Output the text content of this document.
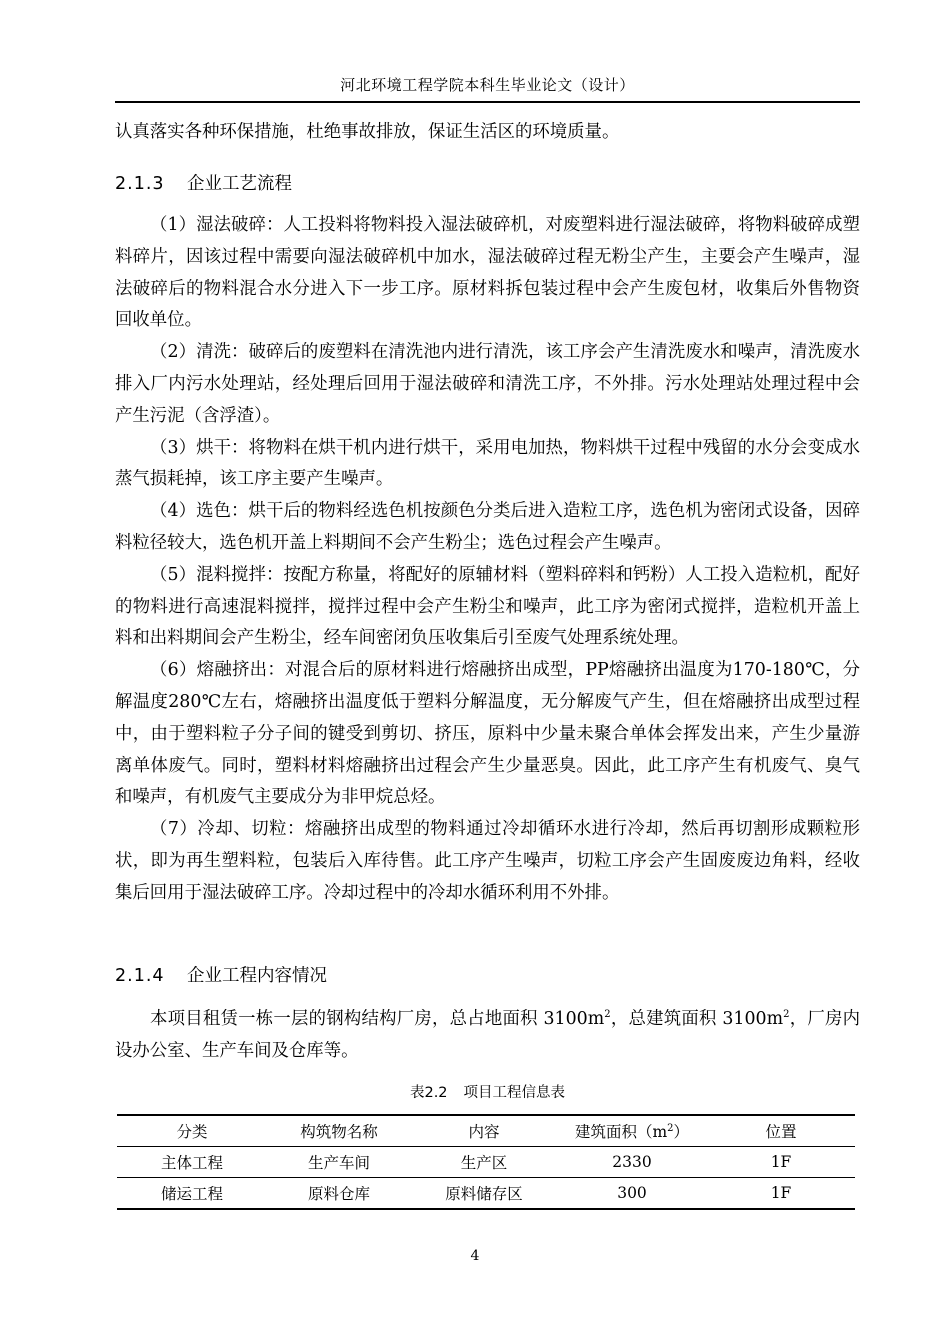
河北环境工程学院本科生毕业论文（设计）

认真落实各种环保措施，杜绝事故排放，保证生活区的环境质量。

2.1.3 企业工艺流程

（1）湿法破碎：人工投料将物料投入湿法破碎机，对废塑料进行湿法破碎，将物料破碎成塑料碎片，因该过程中需要向湿法破碎机中加水，湿法破碎过程无粉尘产生，主要会产生噪声，湿法破碎后的物料混合水分进入下一步工序。原材料拆包装过程中会产生废包材，收集后外售物资回收单位。

（2）清洗：破碎后的废塑料在清洗池内进行清洗，该工序会产生清洗废水和噪声，清洗废水排入厂内污水处理站，经处理后回用于湿法破碎和清洗工序，不外排。污水处理站处理过程中会产生污泥（含浮渣）。

（3）烘干：将物料在烘干机内进行烘干，采用电加热，物料烘干过程中残留的水分会变成水蒸气损耗掉，该工序主要产生噪声。

（4）选色：烘干后的物料经选色机按颜色分类后进入造粒工序，选色机为密闭式设备，因碎料粒径较大，选色机开盖上料期间不会产生粉尘；选色过程会产生噪声。

（5）混料搅拌：按配方称量，将配好的原辅材料（塑料碎料和钙粉）人工投入造粒机，配好的物料进行高速混料搅拌，搅拌过程中会产生粉尘和噪声，此工序为密闭式搅拌，造粒机开盖上料和出料期间会产生粉尘，经车间密闭负压收集后引至废气处理系统处理。

（6）熔融挤出：对混合后的原材料进行熔融挤出成型，PP熔融挤出温度为170-180℃，分解温度280℃左右，熔融挤出温度低于塑料分解温度，无分解废气产生，但在熔融挤出成型过程中，由于塑料粒子分子间的键受到剪切、挤压，原料中少量未聚合单体会挥发出来，产生少量游离单体废气。同时，塑料材料熔融挤出过程会产生少量恶臭。因此，此工序产生有机废气、臭气和噪声，有机废气主要成分为非甲烷总烃。

（7）冷却、切粒：熔融挤出成型的物料通过冷却循环水进行冷却，然后再切割形成颗粒形状，即为再生塑料粒，包装后入库待售。此工序产生噪声，切粒工序会产生固废废边角料，经收集后回用于湿法破碎工序。冷却过程中的冷却水循环利用不外排。

2.1.4 企业工程内容情况

本项目租赁一栋一层的钢构结构厂房，总占地面积 $3100m^2$，总建筑面积 $3100m^2$，厂房内设办公室、生产车间及仓库等。

表2.2 项目工程信息表
分类	构筑物名称	内容	建筑面积$(m^2)$	位置
主体工程	生产车间	生产区	2330	1F
储运工程	原料仓库	原料储存区	300	1F
4
